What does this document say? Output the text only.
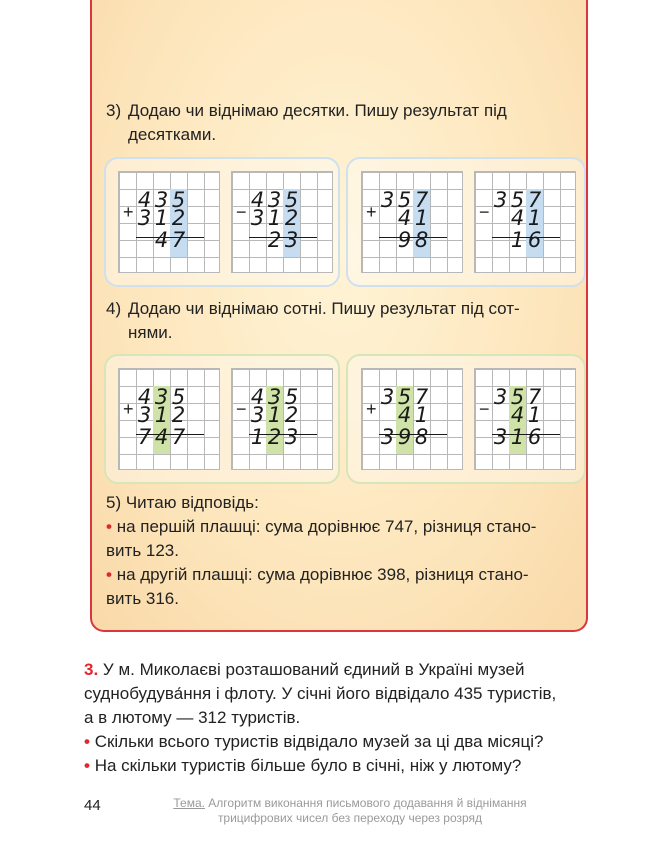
3) Додаю чи віднімаю десятки. Пишу результат під
десятками.
4) Додаю чи віднімаю сотні. Пишу результат під сот-
нями.
+ 4 3 5
3 1 2
4 7
− 4 3 5
3 1 2
2 3
+ 3 5 7
4 1
9 8
− 3 5 7
4 1
1 6
+ 4 3 5
3 1 2
7 4 7
− 4 3 5
3 1 2
1 2 3
+ 3 5 7
4 1
3 9 8
− 3 5 7
4 1
3 1 6
5) Читаю відповідь:
• на першій плашці: сума дорівнює 747, різниця стано-
вить 123.
• на другій плашці: сума дорівнює 398, різниця стано-
вить 316.
3. У м. Миколаєві розташований єдиний в Україні музей
суднобудува́ння і флоту. У січні його відвідало 435 туристів,
а в лютому — 312 туристів.
• Скільки всього туристів відвідало музей за ці два місяці?
• На скільки туристів більше було в січні, ніж у лютому?
44	Тема. Алгоритм виконання письмового додавання й віднімання
трицифрових чисел без переходу через розряд
